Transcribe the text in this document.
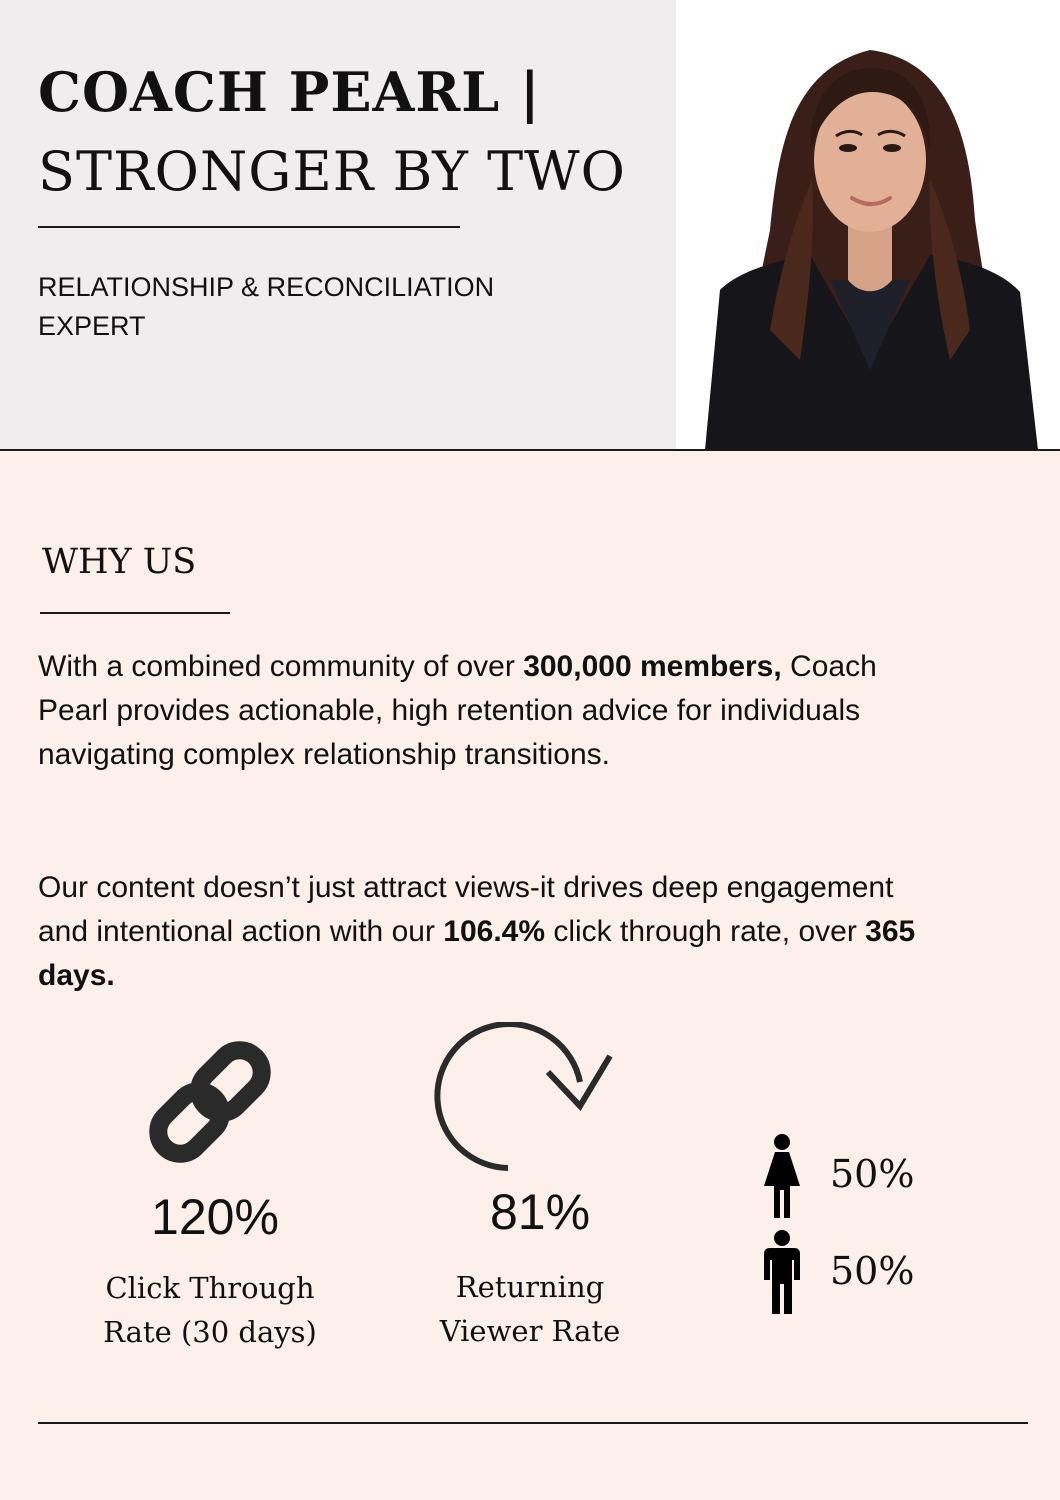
COACH PEARL |
STRONGER BY TWO
RELATIONSHIP & RECONCILIATION
EXPERT
WHY US

With a combined community of over 300,000 members, Coach Pearl provides actionable, high retention advice for individuals navigating complex relationship transitions.

Our content doesn’t just attract views-it drives deep engagement and intentional action with our 106.4% click through rate, over 365 days.

120%
Click Through
Rate (30 days)
81%
Returning
Viewer Rate
50%
50%
